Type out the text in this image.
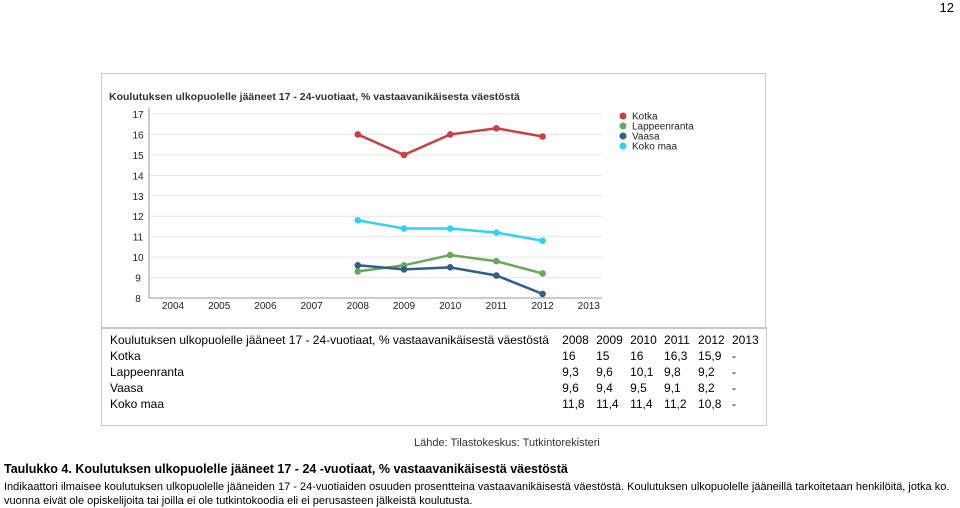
12
Koulutuksen ulkopuolelle jääneet 17 - 24-vuotiaat, % vastaavanikäisesta väestöstä
8
9
10
11
12
13
14
15
16
17
2004 2005 2006 2007 2008 2009 2010 2011 2012 2013
Kotka
Lappeenranta
Vaasa
Koko maa
Koulutuksen ulkopuolelle jääneet 17 - 24-vuotiaat, % vastaavanikäisestä väestöstä	2008	2009	2010	2011	2012	2013
Kotka	16	15	16	16,3	15,9	-
Lappeenranta	9,3	9,6	10,1	9,8	9,2	-
Vaasa	9,6	9,4	9,5	9,1	8,2	-
Koko maa	11,8	11,4	11,4	11,2	10,8	-
Lähde: Tilastokeskus: Tutkintorekisteri
Taulukko 4. Koulutuksen ulkopuolelle jääneet 17 - 24 -vuotiaat, % vastaavanikäisestä väestöstä
Indikaattori ilmaisee koulutuksen ulkopuolelle jääneiden 17 - 24-vuotiaiden osuuden prosentteina vastaavanikäisestä väestöstä. Koulutuksen ulkopuolelle jääneillä tarkoitetaan henkilöitä, jotka ko. vuonna eivät ole opiskelijoita tai joilla ei ole tutkintokoodia eli ei perusasteen jälkeistä koulutusta.
